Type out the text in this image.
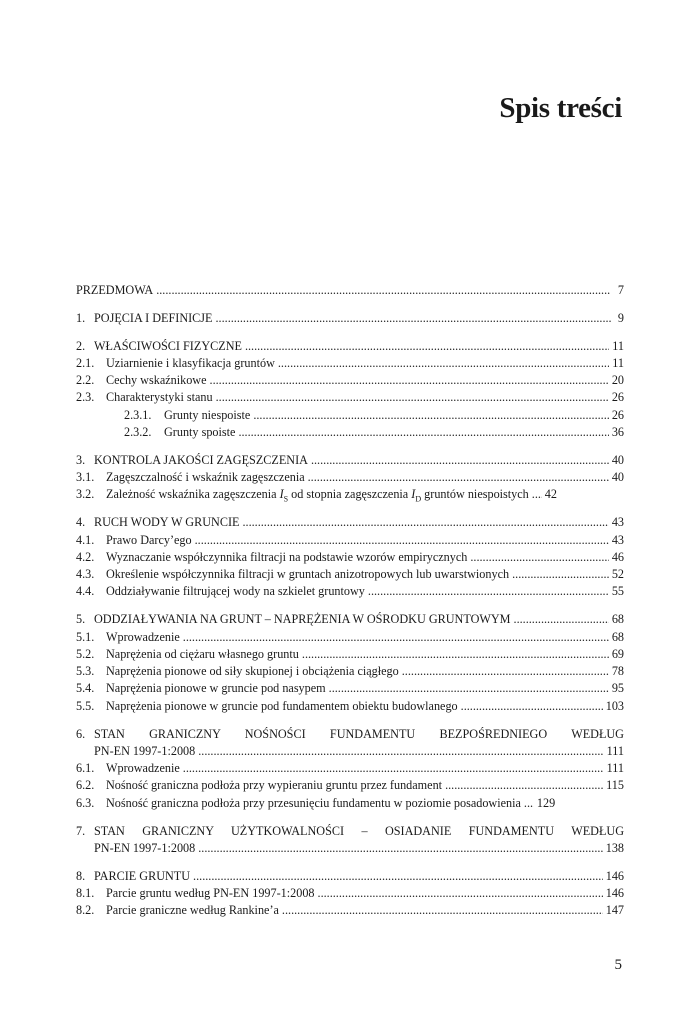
Spis treści
PRZEDMOWA .....	7
1. POJĘCIA I DEFINICJE .....	9
2. WŁAŚCIWOŚCI FIZYCZNE .....	11
2.1. Uziarnienie i klasyfikacja gruntów .....	11
2.2. Cechy wskaźnikowe .....	20
2.3. Charakterystyki stanu .....	26
2.3.1.	Grunty niespoiste .....	26
2.3.2.	Grunty spoiste .....	36
3. KONTROLA JAKOŚCI ZAGĘSZCZENIA .....	40
3.1. Zagęszczalność i wskaźnik zagęszczenia .....	40
3.2. Zależność wskaźnika zagęszczenia $I_S$ od stopnia zagęszczenia $I_D$ gruntów niespoistych ..... 42
4. RUCH WODY W GRUNCIE .....	43
4.1. Prawo Darcy’ego .....	43
4.2. Wyznaczanie współczynnika filtracji na podstawie wzorów empirycznych .....	46
4.3. Określenie współczynnika filtracji w gruntach anizotropowych lub uwarstwionych .....	52
4.4. Oddziaływanie filtrującej wody na szkielet gruntowy .....	55
5. ODDZIAŁYWANIA NA GRUNT – NAPRĘŻENIA W OŚRODKU GRUNTOWYM .....	68
5.1. Wprowadzenie .....	68
5.2. Naprężenia od ciężaru własnego gruntu .....	69
5.3. Naprężenia pionowe od siły skupionej i obciążenia ciągłego .....	78
5.4. Naprężenia pionowe w gruncie pod nasypem .....	95
5.5. Naprężenia pionowe w gruncie pod fundamentem obiektu budowlanego .....	103
6. STAN GRANICZNY NOŚNOŚCI FUNDAMENTU BEZPOŚREDNIEGO WEDŁUG
PN-EN 1997-1:2008 .....	111
6.1. Wprowadzenie .....	111
6.2. Nośność graniczna podłoża przy wypieraniu gruntu przez fundament .....	115
6.3. Nośność graniczna podłoża przy przesunięciu fundamentu w poziomie posadowienia ..... 129
7. STAN GRANICZNY UŻYTKOWALNOŚCI – OSIADANIE FUNDAMENTU WEDŁUG
PN-EN 1997-1:2008 .....	138
8. PARCIE GRUNTU .....	146
8.1. Parcie gruntu według PN-EN 1997-1:2008 .....	146
8.2. Parcie graniczne według Rankine’a .....	147
5
